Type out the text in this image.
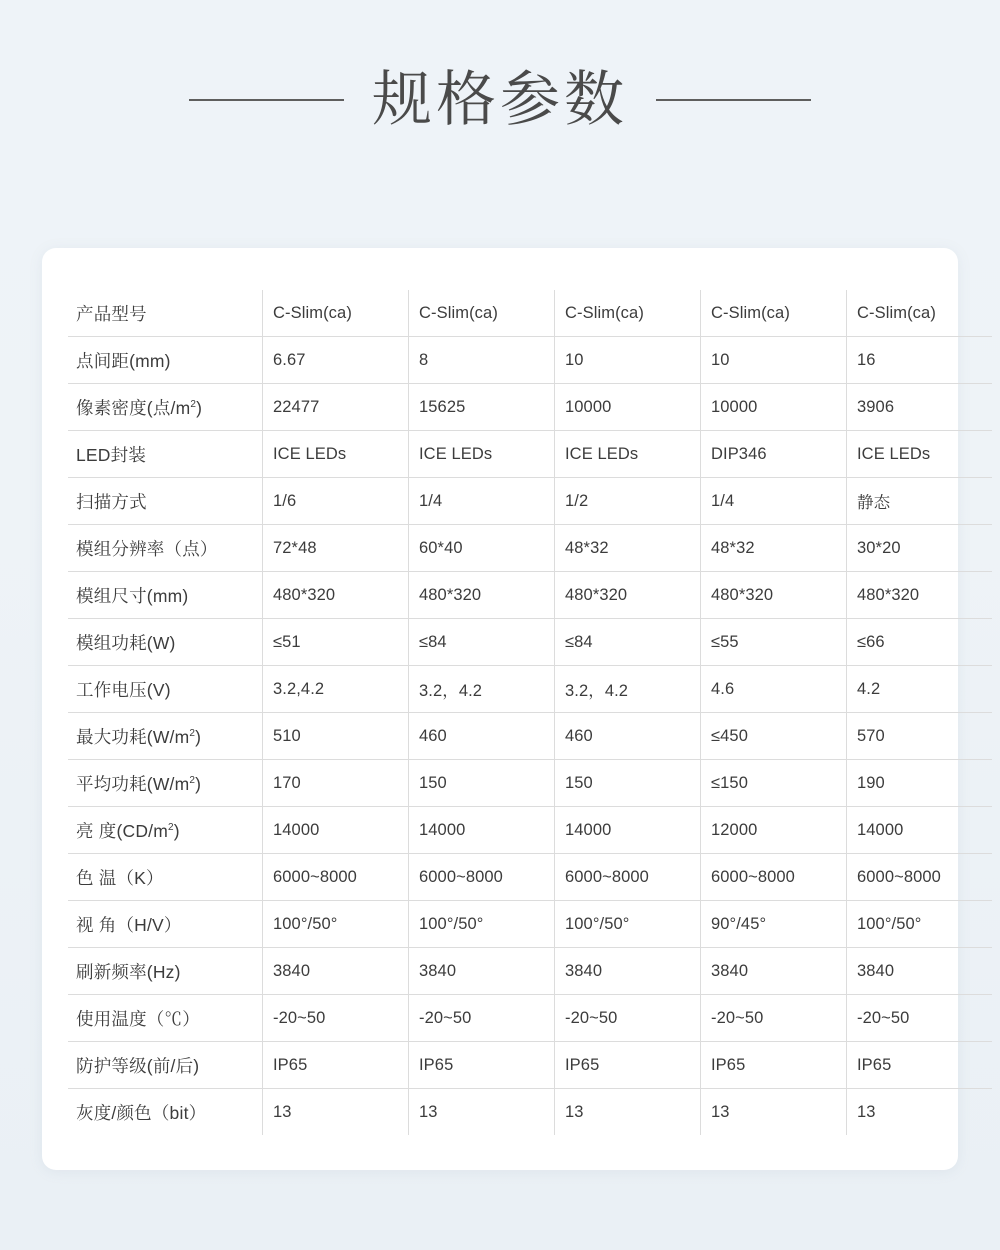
规格参数
产品型号	C-Slim(ca)	C-Slim(ca)	C-Slim(ca)	C-Slim(ca)	C-Slim(ca)
点间距(mm)	6.67	8	10	10	16
像素密度(点$/m^2$)	22477	15625	10000	10000	3906
LED封装	ICE LEDs	ICE LEDs	ICE LEDs	DIP346	ICE LEDs
扫描方式	1/6	1/4	1/2	1/4	静态
模组分辨率（点）	72*48	60*40	48*32	48*32	30*20
模组尺寸(mm)	480*320	480*320	480*320	480*320	480*320
模组功耗(W)	≤51	≤84	≤84	≤55	≤66
工作电压(V)	3.2,4.2	3.2，4.2	3.2，4.2	4.6	4.2
最大功耗$(W/m^2)$	510	460	460	≤450	570
平均功耗$(W/m^2)$	170	150	150	≤150	190
亮 度$(CD/m^2)$	14000	14000	14000	12000	14000
色 温（K）	6000~8000	6000~8000	6000~8000	6000~8000	6000~8000
视 角（H/V）	100°/50°	100°/50°	100°/50°	90°/45°	100°/50°
刷新频率(Hz)	3840	3840	3840	3840	3840
使用温度（℃）	-20~50	-20~50	-20~50	-20~50	-20~50
防护等级(前/后)	IP65	IP65	IP65	IP65	IP65
灰度/颜色（bit）	13	13	13	13	13
